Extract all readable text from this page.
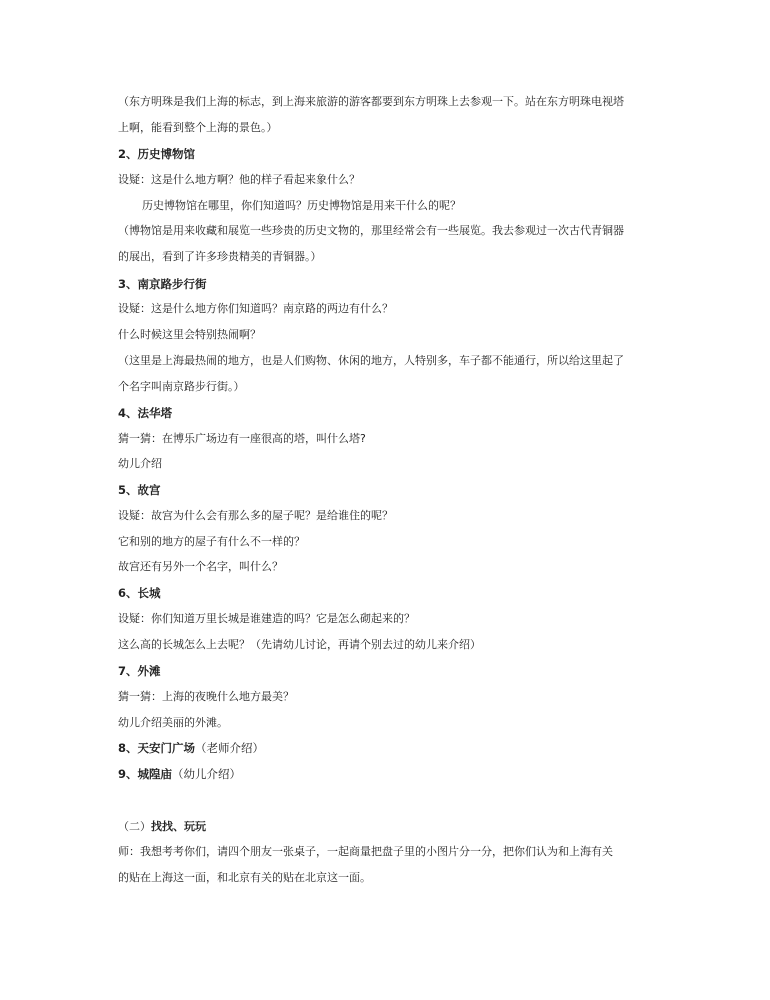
（东方明珠是我们上海的标志，到上海来旅游的游客都要到东方明珠上去参观一下。站在东方明珠电视塔
上啊，能看到整个上海的景色。）
2、历史博物馆
设疑：这是什么地方啊？他的样子看起来象什么？
历史博物馆在哪里，你们知道吗？历史博物馆是用来干什么的呢？
（博物馆是用来收藏和展览一些珍贵的历史文物的，那里经常会有一些展览。我去参观过一次古代青铜器
的展出，看到了许多珍贵精美的青铜器。）
3、南京路步行街
设疑：这是什么地方你们知道吗？南京路的两边有什么？
什么时候这里会特别热闹啊？
（这里是上海最热闹的地方，也是人们购物、休闲的地方，人特别多，车子都不能通行，所以给这里起了
个名字叫南京路步行街。）
4、法华塔
猜一猜：在博乐广场边有一座很高的塔，叫什么塔?
幼儿介绍
5、故宫
设疑：故宫为什么会有那么多的屋子呢？是给谁住的呢？
它和别的地方的屋子有什么不一样的？
故宫还有另外一个名字，叫什么？
6、长城
设疑：你们知道万里长城是谁建造的吗？它是怎么砌起来的？
这么高的长城怎么上去呢？（先请幼儿讨论，再请个别去过的幼儿来介绍）
7、外滩
猜一猜：上海的夜晚什么地方最美？
幼儿介绍美丽的外滩。
8、天安门广场（老师介绍）
9、城隍庙（幼儿介绍）
（二）找找、玩玩
师：我想考考你们，请四个朋友一张桌子，一起商量把盘子里的小图片分一分，把你们认为和上海有关
的贴在上海这一面，和北京有关的贴在北京这一面。
